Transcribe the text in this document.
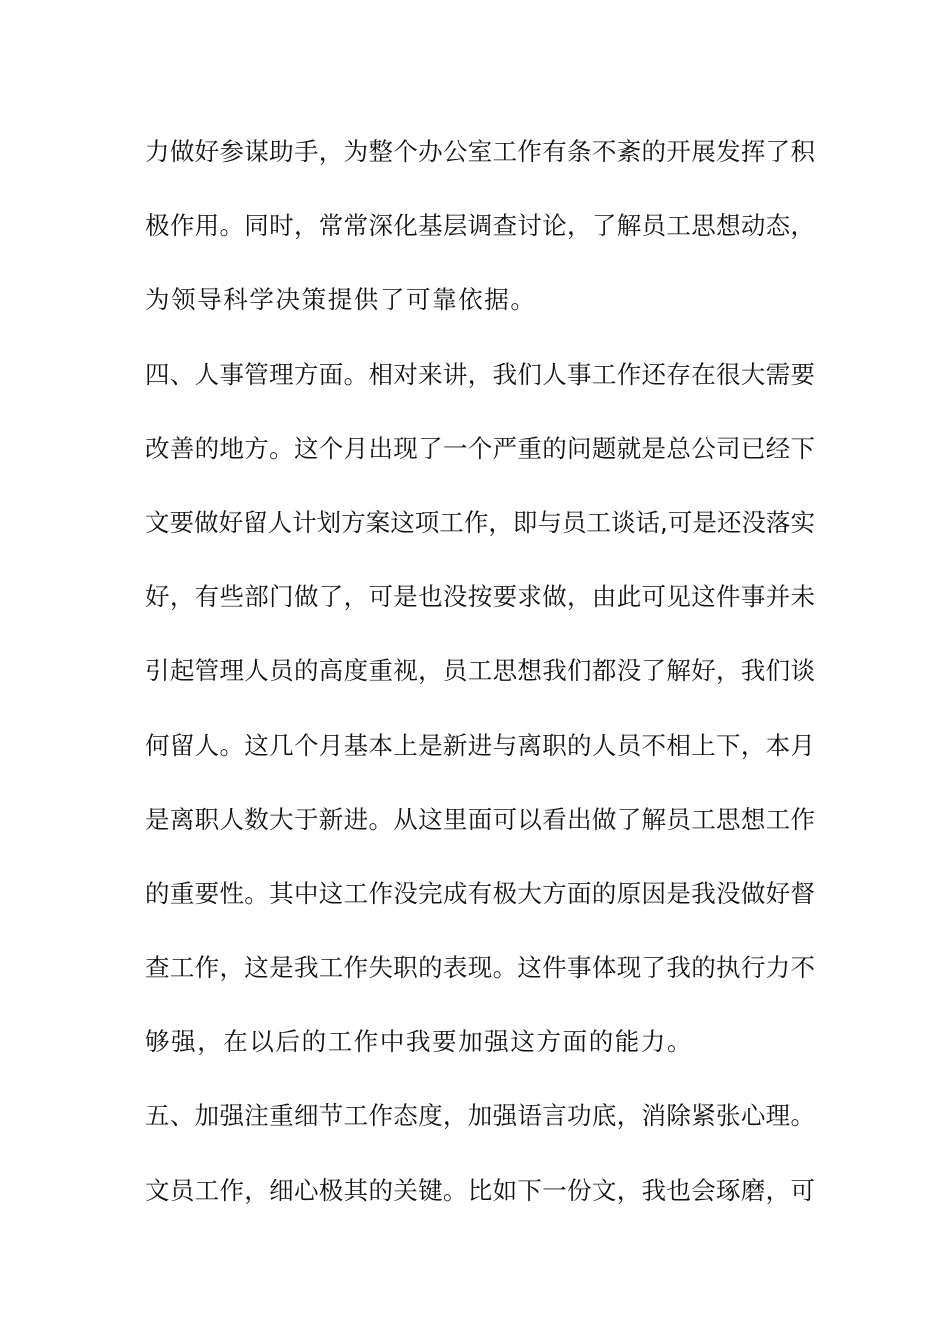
力做好参谋助手，为整个办公室工作有条不紊的开展发挥了积
极作用。同时，常常深化基层调查讨论，了解员工思想动态，
为领导科学决策提供了可靠依据。
四、人事管理方面。相对来讲，我们人事工作还存在很大需要
改善的地方。这个月出现了一个严重的问题就是总公司已经下
文要做好留人计划方案这项工作，即与员工谈话,可是还没落实
好，有些部门做了，可是也没按要求做，由此可见这件事并未
引起管理人员的高度重视，员工思想我们都没了解好，我们谈
何留人。这几个月基本上是新进与离职的人员不相上下，本月
是离职人数大于新进。从这里面可以看出做了解员工思想工作
的重要性。其中这工作没完成有极大方面的原因是我没做好督
查工作，这是我工作失职的表现。这件事体现了我的执行力不
够强，在以后的工作中我要加强这方面的能力。
五、加强注重细节工作态度，加强语言功底，消除紧张心理。
文员工作，细心极其的关键。比如下一份文，我也会琢磨，可
